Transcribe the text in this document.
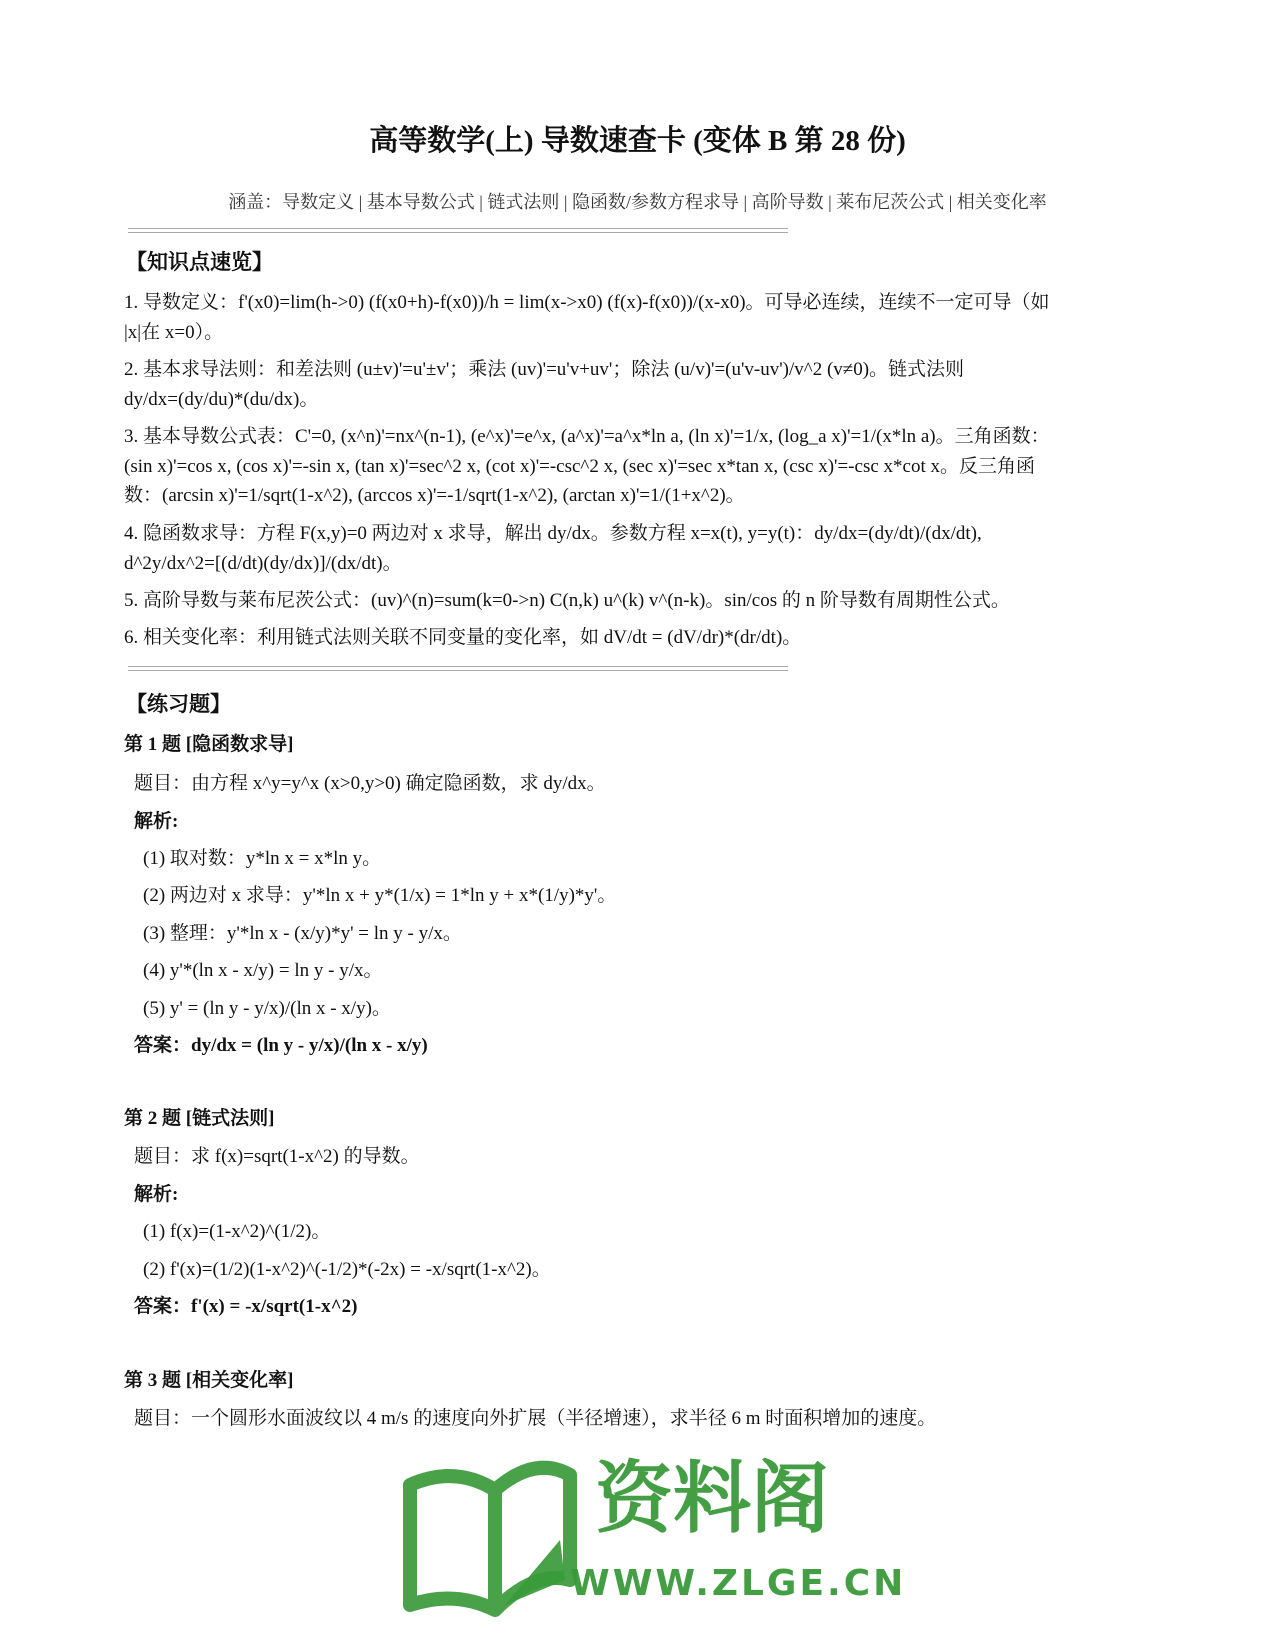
高等数学(上) 导数速查卡 (变体 B 第 28 份)
涵盖：导数定义 | 基本导数公式 | 链式法则 | 隐函数/参数方程求导 | 高阶导数 | 莱布尼茨公式 | 相关变化率
【知识点速览】
1. 导数定义：f'(x0)=lim(h->0) (f(x0+h)-f(x0))/h = lim(x->x0) (f(x)-f(x0))/(x-x0)。可导必连续，连续不一定可导（如
|x|在 x=0）。
2. 基本求导法则：和差法则 (u±v)'=u'±v'；乘法 (uv)'=u'v+uv'；除法 (u/v)'=(u'v-uv')/v^2 (v≠0)。链式法则
dy/dx=(dy/du)*(du/dx)。
3. 基本导数公式表：C'=0, (x^n)'=nx^(n-1), (e^x)'=e^x, (a^x)'=a^x*ln a, (ln x)'=1/x, (log_a x)'=1/(x*ln a)。三角函数：
(sin x)'=cos x, (cos x)'=-sin x, (tan x)'=sec^2 x, (cot x)'=-csc^2 x, (sec x)'=sec x*tan x, (csc x)'=-csc x*cot x。反三角函
数：(arcsin x)'=1/sqrt(1-x^2), (arccos x)'=-1/sqrt(1-x^2), (arctan x)'=1/(1+x^2)。
4. 隐函数求导：方程 F(x,y)=0 两边对 x 求导，解出 dy/dx。参数方程 x=x(t), y=y(t)：dy/dx=(dy/dt)/(dx/dt),
d^2y/dx^2=[(d/dt)(dy/dx)]/(dx/dt)。
5. 高阶导数与莱布尼茨公式：(uv)^(n)=sum(k=0->n) C(n,k) u^(k) v^(n-k)。sin/cos 的 n 阶导数有周期性公式。
6. 相关变化率：利用链式法则关联不同变量的变化率，如 dV/dt = (dV/dr)*(dr/dt)。
【练习题】
第 1 题 [隐函数求导]
题目：由方程 x^y=y^x (x>0,y>0) 确定隐函数，求 dy/dx。
解析:
(1) 取对数：y*ln x = x*ln y。
(2) 两边对 x 求导：y'*ln x + y*(1/x) = 1*ln y + x*(1/y)*y'。
(3) 整理：y'*ln x - (x/y)*y' = ln y - y/x。
(4) y'*(ln x - x/y) = ln y - y/x。
(5) y' = (ln y - y/x)/(ln x - x/y)。
答案：dy/dx = (ln y - y/x)/(ln x - x/y)
第 2 题 [链式法则]
题目：求 f(x)=sqrt(1-x^2) 的导数。
解析:
(1) f(x)=(1-x^2)^(1/2)。
(2) f'(x)=(1/2)(1-x^2)^(-1/2)*(-2x) = -x/sqrt(1-x^2)。
答案：f'(x) = -x/sqrt(1-x^2)
第 3 题 [相关变化率]
题目：一个圆形水面波纹以 4 m/s 的速度向外扩展（半径增速），求半径 6 m 时面积增加的速度。
资料阁
WWW.ZLGE.CN
